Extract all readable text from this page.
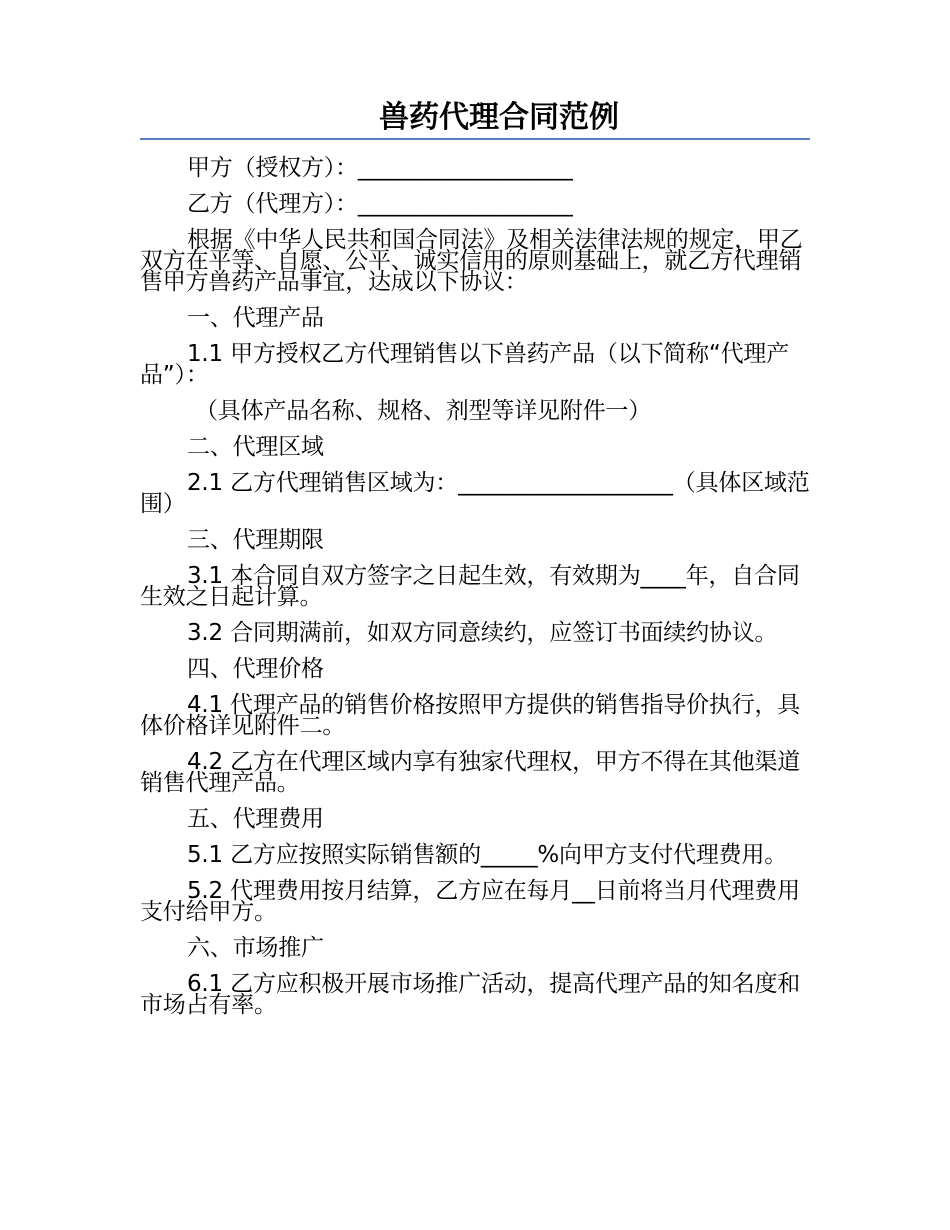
兽药代理合同范例

甲方（授权方）：___________________

乙方（代理方）：___________________

根据《中华人民共和国合同法》及相关法律法规的规定，甲乙双方在平等、自愿、公平、诚实信用的原则基础上，就乙方代理销售甲方兽药产品事宜，达成以下协议：

一、代理产品

1.1 甲方授权乙方代理销售以下兽药产品（以下简称“代理产品”）：

（具体产品名称、规格、剂型等详见附件一）

二、代理区域

2.1 乙方代理销售区域为：___________________（具体区域范围）

三、代理期限

3.1 本合同自双方签字之日起生效，有效期为____年，自合同生效之日起计算。

3.2 合同期满前，如双方同意续约，应签订书面续约协议。

四、代理价格

4.1 代理产品的销售价格按照甲方提供的销售指导价执行，具体价格详见附件二。

4.2 乙方在代理区域内享有独家代理权，甲方不得在其他渠道销售代理产品。

五、代理费用

5.1 乙方应按照实际销售额的_____%向甲方支付代理费用。

5.2 代理费用按月结算，乙方应在每月__日前将当月代理费用支付给甲方。

六、市场推广

6.1 乙方应积极开展市场推广活动，提高代理产品的知名度和市场占有率。
